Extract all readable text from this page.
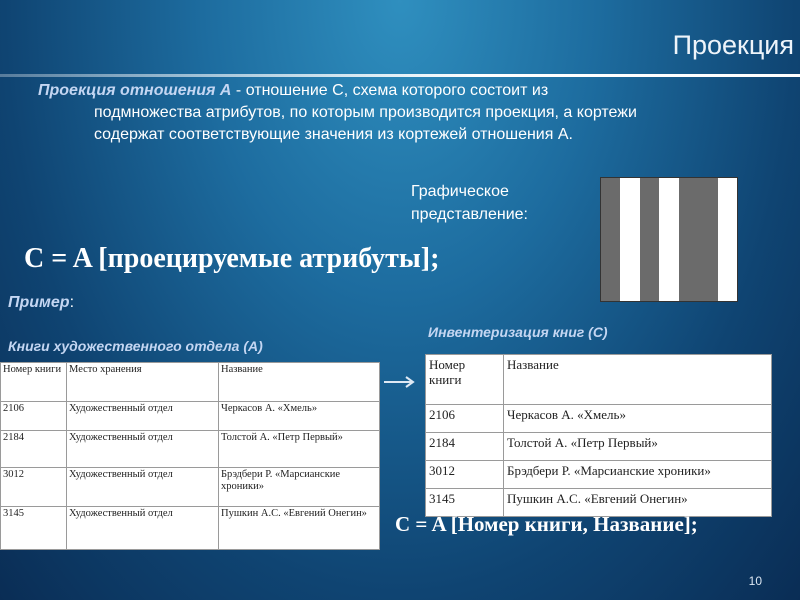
Проекция
Проекция отношения A - отношение C, схема которого состоит из
подмножества атрибутов, по которым производится проекция, а кортежи
содержат соответствующие значения из кортежей отношения A.
Графическое
представление:
C = A [проецируемые атрибуты];
Пример:
Книги художественного отдела (A)
Инвентеризация книг (C)
Номер книги	Место хранения	Название
2106	Художественный отдел	Черкасов А. «Хмель»
2184	Художественный отдел	Толстой А. «Петр Первый»
3012	Художественный отдел	Брэдбери Р. «Марсианские хроники»
3145	Художественный отдел	Пушкин А.С. «Евгений Онегин»
Номер книги	Название
2106	Черкасов А. «Хмель»
2184	Толстой А. «Петр Первый»
3012	Брэдбери Р. «Марсианские хроники»
3145	Пушкин А.С. «Евгений Онегин»
C = A [Номер книги, Название];
10
